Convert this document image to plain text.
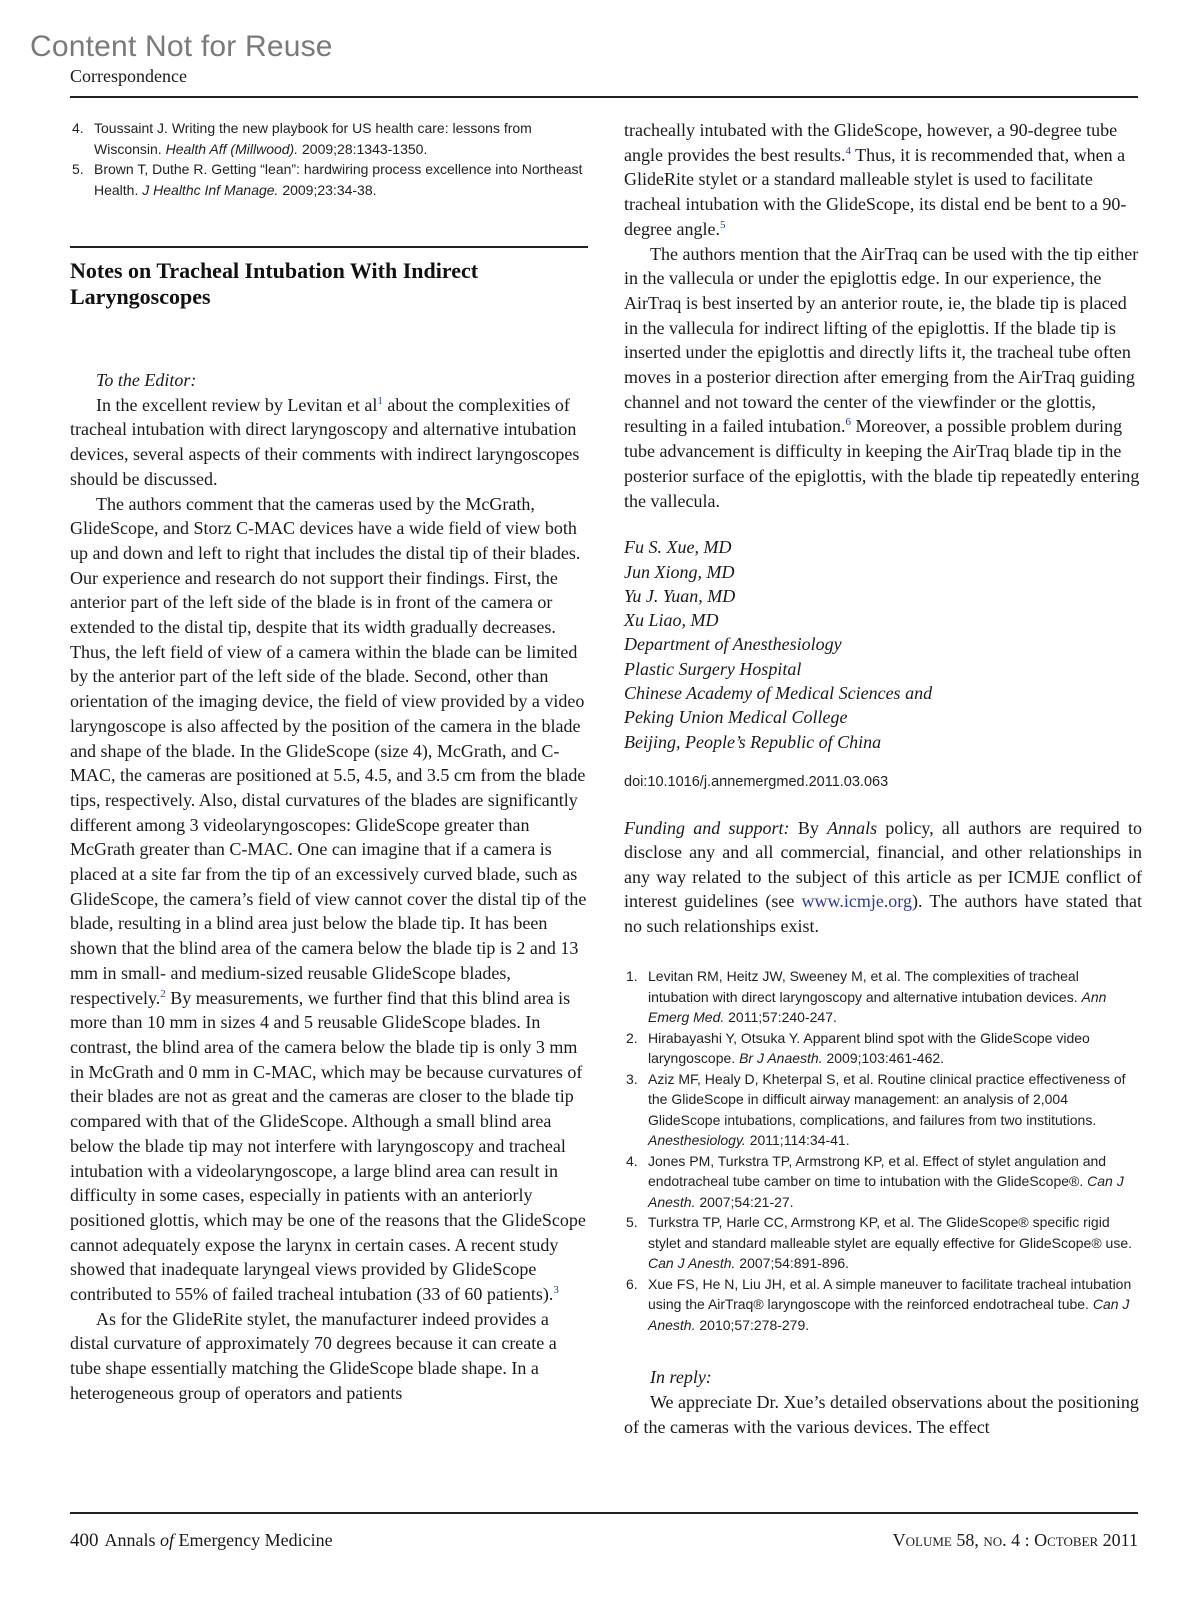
Content Not for Reuse
Correspondence
4. Toussaint J. Writing the new playbook for US health care: lessons from Wisconsin. Health Aff (Millwood). 2009;28:1343-1350.
5. Brown T, Duthe R. Getting “lean”: hardwiring process excellence into Northeast Health. J Healthc Inf Manage. 2009;23:34-38.
Notes on Tracheal Intubation With Indirect Laryngoscopes
To the Editor:

In the excellent review by Levitan et $al^1$ about the complexities of tracheal intubation with direct laryngoscopy and alternative intubation devices, several aspects of their comments with indirect laryngoscopes should be discussed.

The authors comment that the cameras used by the McGrath, GlideScope, and Storz C-MAC devices have a wide field of view both up and down and left to right that includes the distal tip of their blades. Our experience and research do not support their findings. First, the anterior part of the left side of the blade is in front of the camera or extended to the distal tip, despite that its width gradually decreases. Thus, the left field of view of a camera within the blade can be limited by the anterior part of the left side of the blade. Second, other than orientation of the imaging device, the field of view provided by a video laryngoscope is also affected by the position of the camera in the blade and shape of the blade. In the GlideScope (size 4), McGrath, and C-MAC, the cameras are positioned at 5.5, 4.5, and 3.5 cm from the blade tips, respectively. Also, distal curvatures of the blades are significantly different among 3 videolaryngoscopes: GlideScope greater than McGrath greater than C-MAC. One can imagine that if a camera is placed at a site far from the tip of an excessively curved blade, such as GlideScope, the camera’s field of view cannot cover the distal tip of the blade, resulting in a blind area just below the blade tip. It has been shown that the blind area of the camera below the blade tip is 2 and 13 mm in small- and medium-sized reusable GlideScope blades, respectively.$^2$ By measurements, we further find that this blind area is more than 10 mm in sizes 4 and 5 reusable GlideScope blades. In contrast, the blind area of the camera below the blade tip is only 3 mm in McGrath and 0 mm in C-MAC, which may be because curvatures of their blades are not as great and the cameras are closer to the blade tip compared with that of the GlideScope. Although a small blind area below the blade tip may not interfere with laryngoscopy and tracheal intubation with a videolaryngoscope, a large blind area can result in difficulty in some cases, especially in patients with an anteriorly positioned glottis, which may be one of the reasons that the GlideScope cannot adequately expose the larynx in certain cases. A recent study showed that inadequate laryngeal views provided by GlideScope contributed to 55% of failed tracheal intubation (33 of 60 patients).$^3$

As for the GlideRite stylet, the manufacturer indeed provides a distal curvature of approximately 70 degrees because it can create a tube shape essentially matching the GlideScope blade shape. In a heterogeneous group of operators and patients

tracheally intubated with the GlideScope, however, a 90-degree tube angle provides the best results.$^4$ Thus, it is recommended that, when a GlideRite stylet or a standard malleable stylet is used to facilitate tracheal intubation with the GlideScope, its distal end be bent to a 90-degree angle.$^5$

The authors mention that the AirTraq can be used with the tip either in the vallecula or under the epiglottis edge. In our experience, the AirTraq is best inserted by an anterior route, ie, the blade tip is placed in the vallecula for indirect lifting of the epiglottis. If the blade tip is inserted under the epiglottis and directly lifts it, the tracheal tube often moves in a posterior direction after emerging from the AirTraq guiding channel and not toward the center of the viewfinder or the glottis, resulting in a failed intubation.$^6$ Moreover, a possible problem during tube advancement is difficulty in keeping the AirTraq blade tip in the posterior surface of the epiglottis, with the blade tip repeatedly entering the vallecula.

Fu S. Xue, MD
Jun Xiong, MD
Yu J. Yuan, MD
Xu Liao, MD
Department of Anesthesiology
Plastic Surgery Hospital
Chinese Academy of Medical Sciences and
Peking Union Medical College
Beijing, People’s Republic of China
doi:10.1016/j.annemergmed.2011.03.063
Funding and support: By Annals policy, all authors are required to disclose any and all commercial, financial, and other relationships in any way related to the subject of this article as per ICMJE conflict of interest guidelines (see www.icmje.org). The authors have stated that no such relationships exist.
1. Levitan RM, Heitz JW, Sweeney M, et al. The complexities of tracheal intubation with direct laryngoscopy and alternative intubation devices. Ann Emerg Med. 2011;57:240-247.
2. Hirabayashi Y, Otsuka Y. Apparent blind spot with the GlideScope video laryngoscope. Br J Anaesth. 2009;103:461-462.
3. Aziz MF, Healy D, Kheterpal S, et al. Routine clinical practice effectiveness of the GlideScope in difficult airway management: an analysis of 2,004 GlideScope intubations, complications, and failures from two institutions. Anesthesiology. 2011;114:34-41.
4. Jones PM, Turkstra TP, Armstrong KP, et al. Effect of stylet angulation and endotracheal tube camber on time to intubation with the GlideScope®. Can J Anesth. 2007;54:21-27.
5. Turkstra TP, Harle CC, Armstrong KP, et al. The GlideScope® specific rigid stylet and standard malleable stylet are equally effective for GlideScope® use. Can J Anesth. 2007;54:891-896.
6. Xue FS, He N, Liu JH, et al. A simple maneuver to facilitate tracheal intubation using the AirTraq® laryngoscope with the reinforced endotracheal tube. Can J Anesth. 2010;57:278-279.
In reply:

We appreciate Dr. Xue’s detailed observations about the positioning of the cameras with the various devices. The effect

400 Annals of Emergency Medicine	Volume 58, no. 4 : October 2011
